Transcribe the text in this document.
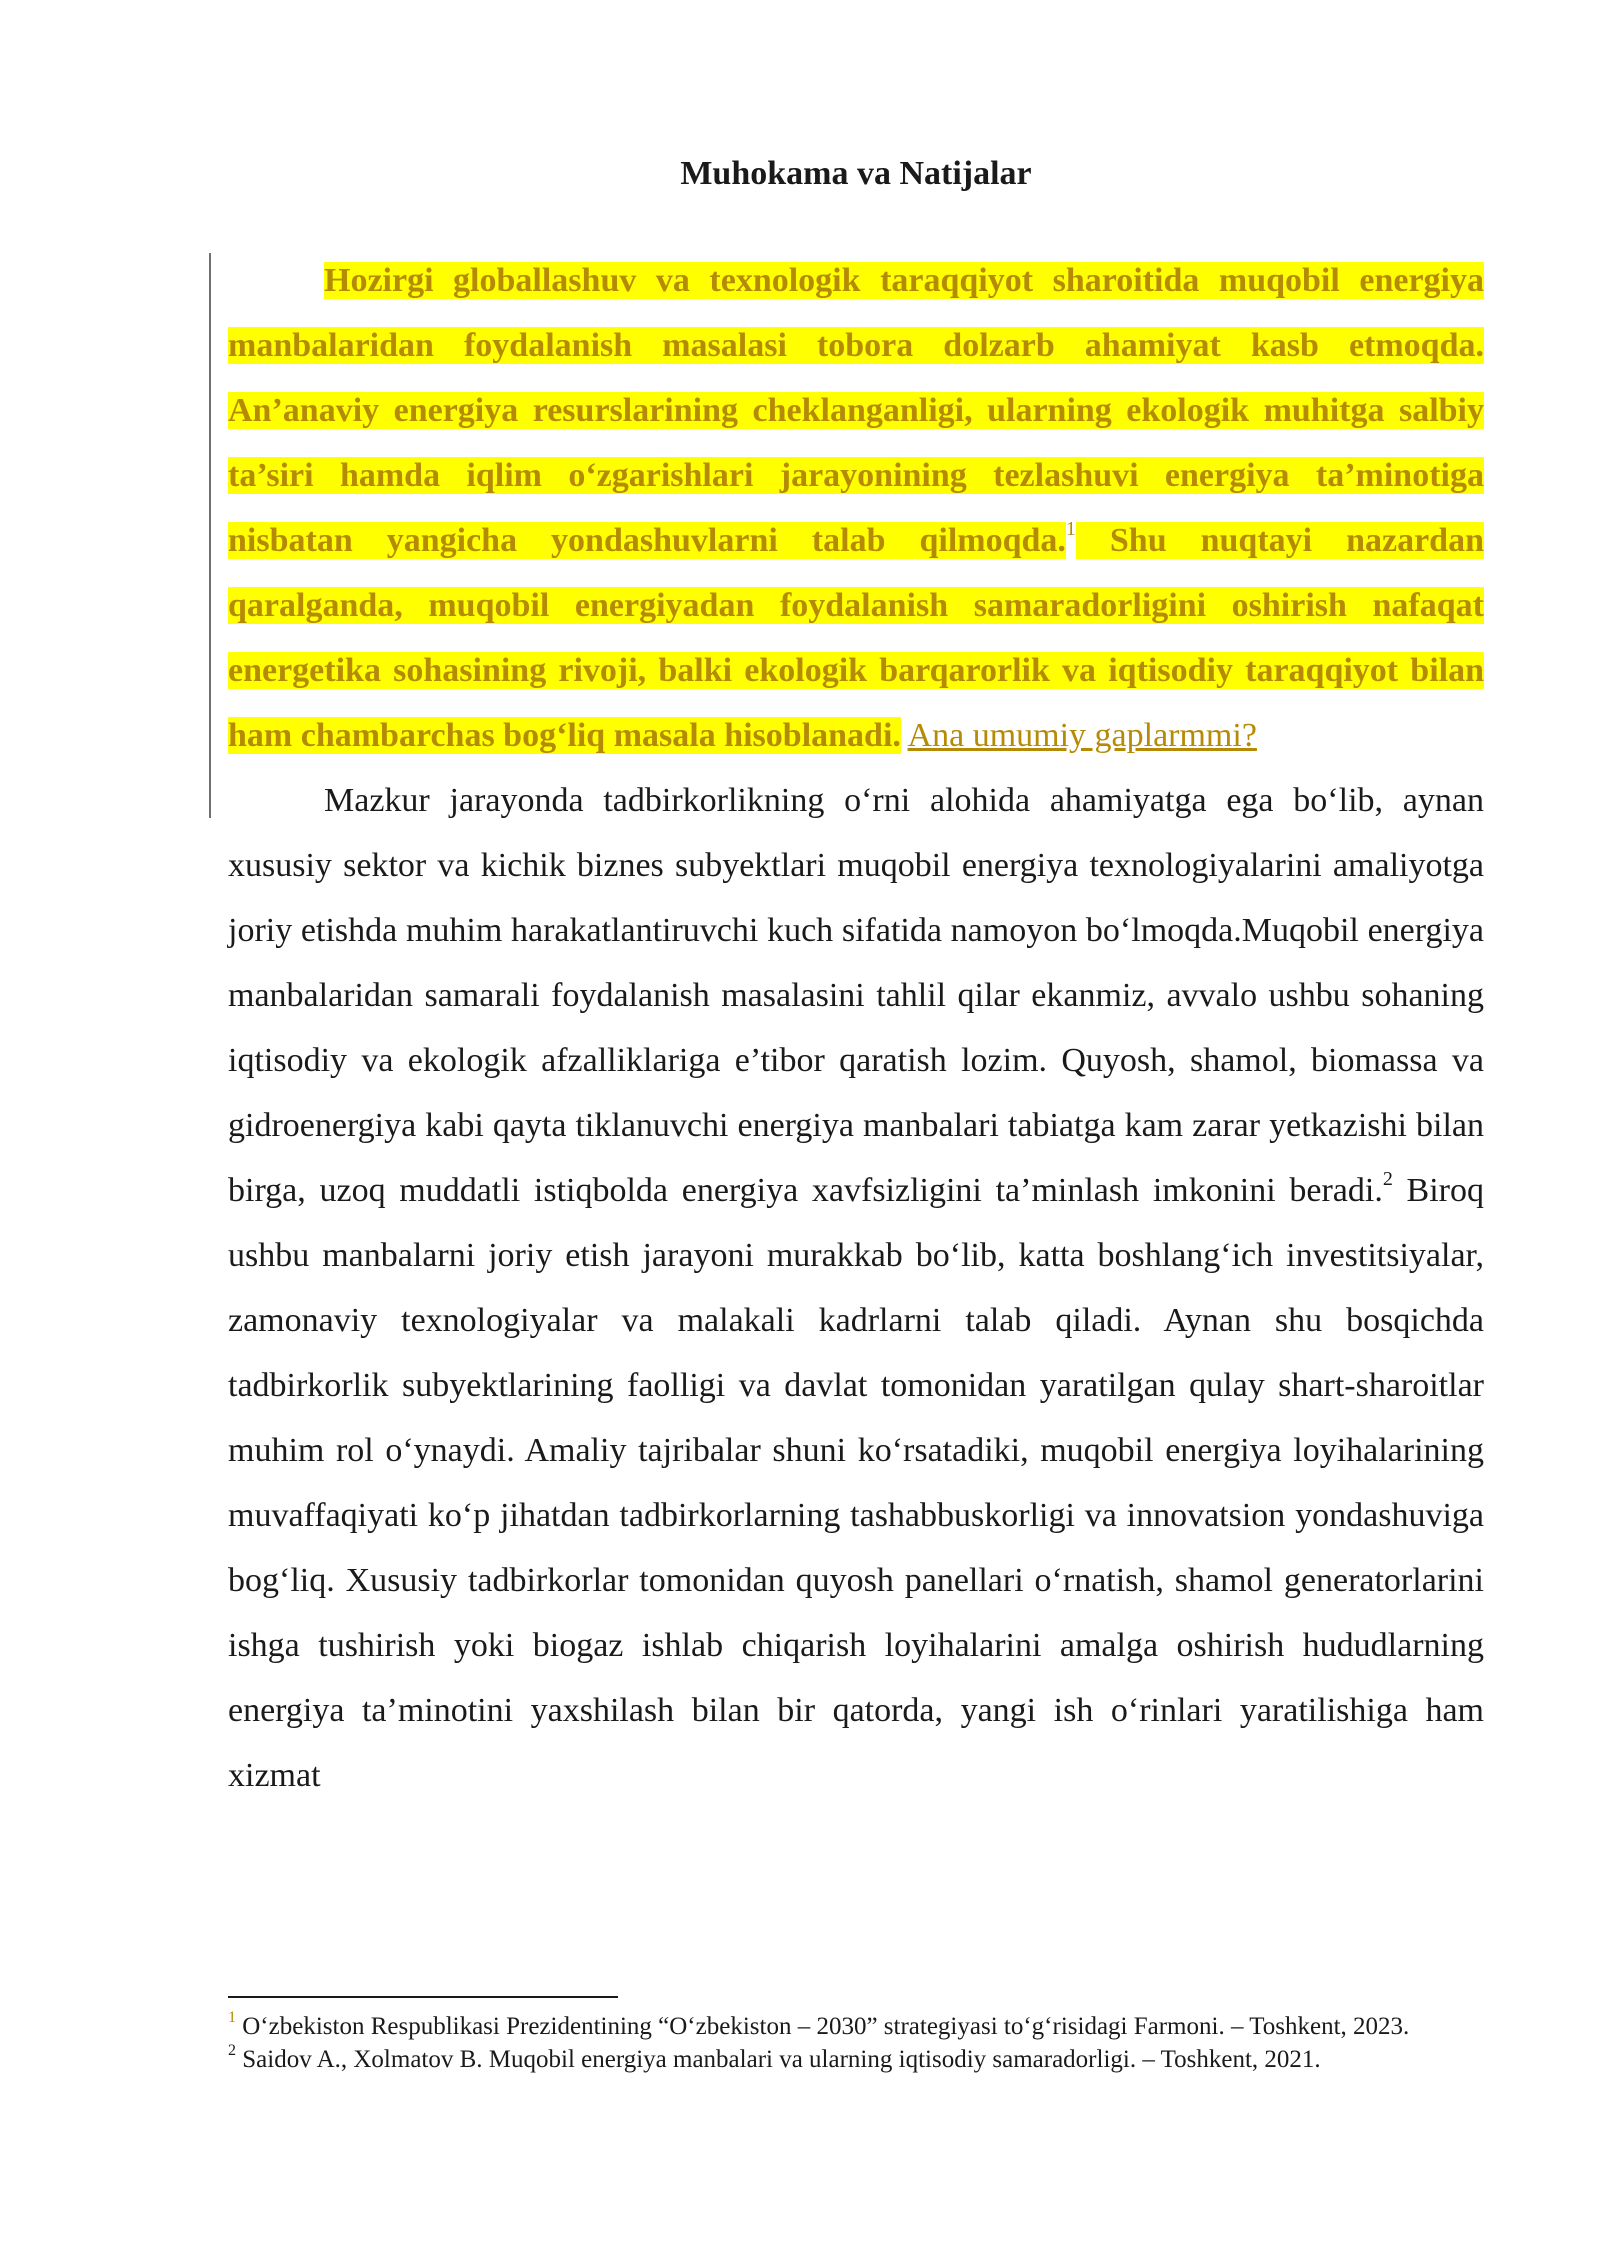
Muhokama va Natijalar

Hozirgi globallashuv va texnologik taraqqiyot sharoitida muqobil energiya manbalaridan foydalanish masalasi tobora dolzarb ahamiyat kasb etmoqda. An’anaviy energiya resurslarining cheklanganligi, ularning ekologik muhitga salbiy ta’siri hamda iqlim o‘zgarishlari jarayonining tezlashuvi energiya ta’minotiga nisbatan yangicha yondashuvlarni talab qilmoqda.$^1$ Shu nuqtayi nazardan qaralganda, muqobil energiyadan foydalanish samaradorligini oshirish nafaqat energetika sohasining rivoji, balki ekologik barqarorlik va iqtisodiy taraqqiyot bilan ham chambarchas bog‘liq masala hisoblanadi. Ana umumiy gaplarmmi?

Mazkur jarayonda tadbirkorlikning o‘rni alohida ahamiyatga ega bo‘lib, aynan xususiy sektor va kichik biznes subyektlari muqobil energiya texnologiyalarini amaliyotga joriy etishda muhim harakatlantiruvchi kuch sifatida namoyon bo‘lmoqda.Muqobil energiya manbalaridan samarali foydalanish masalasini tahlil qilar ekanmiz, avvalo ushbu sohaning iqtisodiy va ekologik afzalliklariga e’tibor qaratish lozim. Quyosh, shamol, biomassa va gidroenergiya kabi qayta tiklanuvchi energiya manbalari tabiatga kam zarar yetkazishi bilan birga, uzoq muddatli istiqbolda energiya xavfsizligini ta’minlash imkonini beradi.$^2$ Biroq ushbu manbalarni joriy etish jarayoni murakkab bo‘lib, katta boshlang‘ich investitsiyalar, zamonaviy texnologiyalar va malakali kadrlarni talab qiladi. Aynan shu bosqichda tadbirkorlik subyektlarining faolligi va davlat tomonidan yaratilgan qulay shart-sharoitlar muhim rol o‘ynaydi. Amaliy tajribalar shuni ko‘rsatadiki, muqobil energiya loyihalarining muvaffaqiyati ko‘p jihatdan tadbirkorlarning tashabbuskorligi va innovatsion yondashuviga bog‘liq. Xususiy tadbirkorlar tomonidan quyosh panellari o‘rnatish, shamol generatorlarini ishga tushirish yoki biogaz ishlab chiqarish loyihalarini amalga oshirish hududlarning energiya ta’minotini yaxshilash bilan bir qatorda, yangi ish o‘rinlari yaratilishiga ham xizmat

$^1$ O‘zbekiston Respublikasi Prezidentining “O‘zbekiston – 2030” strategiyasi to‘g‘risidagi Farmoni. – Toshkent, 2023.

$^2$ Saidov A., Xolmatov B. Muqobil energiya manbalari va ularning iqtisodiy samaradorligi. – Toshkent, 2021.
